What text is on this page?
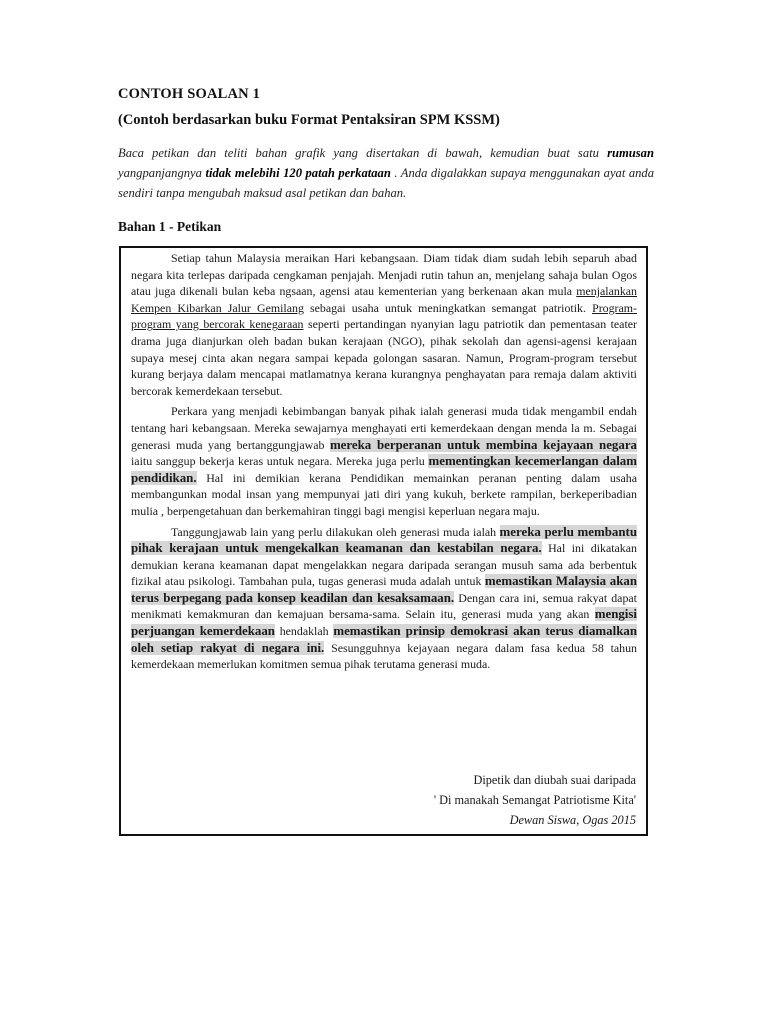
CONTOH SOALAN 1
(Contoh berdasarkan buku Format Pentaksiran SPM KSSM)
Baca petikan dan teliti bahan grafik yang disertakan di bawah, kemudian buat satu rumusan yangpanjangnya tidak melebihi 120 patah perkataan . Anda digalakkan supaya menggunakan ayat anda sendiri tanpa mengubah maksud asal petikan dan bahan.
Bahan 1 - Petikan

Setiap tahun Malaysia meraikan Hari kebangsaan. Diam tidak diam sudah lebih separuh abad negara kita terlepas daripada cengkaman penjajah. Menjadi rutin tahun an, menjelang sahaja bulan Ogos atau juga dikenali bulan keba ngsaan, agensi atau kementerian yang berkenaan akan mula menjalankan Kempen Kibarkan Jalur Gemilang sebagai usaha untuk meningkatkan semangat patriotik. Program-program yang bercorak kenegaraan seperti pertandingan nyanyian lagu patriotik dan pementasan teater drama juga dianjurkan oleh badan bukan kerajaan (NGO), pihak sekolah dan agensi-agensi kerajaan supaya mesej cinta akan negara sampai kepada golongan sasaran. Namun, Program-program tersebut kurang berjaya dalam mencapai matlamatnya kerana kurangnya penghayatan para remaja dalam aktiviti bercorak kemerdekaan tersebut.

Perkara yang menjadi kebimbangan banyak pihak ialah generasi muda tidak mengambil endah tentang hari kebangsaan. Mereka sewajarnya menghayati erti kemerdekaan dengan menda la m. Sebagai generasi muda yang bertanggungjawab mereka berperanan untuk membina kejayaan negara iaitu sanggup bekerja keras untuk negara. Mereka juga perlu mementingkan kecemerlangan dalam pendidikan. Hal ini demikian kerana Pendidikan memainkan peranan penting dalam usaha membangunkan modal insan yang mempunyai jati diri yang kukuh, berkete rampilan, berkeperibadian mulia , berpengetahuan dan berkemahiran tinggi bagi mengisi keperluan negara maju.

Tanggungjawab lain yang perlu dilakukan oleh generasi muda ialah mereka perlu membantu pihak kerajaan untuk mengekalkan keamanan dan kestabilan negara. Hal ini dikatakan demukian kerana keamanan dapat mengelakkan negara daripada serangan musuh sama ada berbentuk fizikal atau psikologi. Tambahan pula, tugas generasi muda adalah untuk memastikan Malaysia akan terus berpegang pada konsep keadilan dan kesaksamaan. Dengan cara ini, semua rakyat dapat menikmati kemakmuran dan kemajuan bersama-sama. Selain itu, generasi muda yang akan mengisi perjuangan kemerdekaan hendaklah memastikan prinsip demokrasi akan terus diamalkan oleh setiap rakyat di negara ini. Sesungguhnya kejayaan negara dalam fasa kedua 58 tahun kemerdekaan memerlukan komitmen semua pihak terutama generasi muda.

Dipetik dan diubah suai daripada
' Di manakah Semangat Patriotisme Kita'
Dewan Siswa, Ogas 2015
